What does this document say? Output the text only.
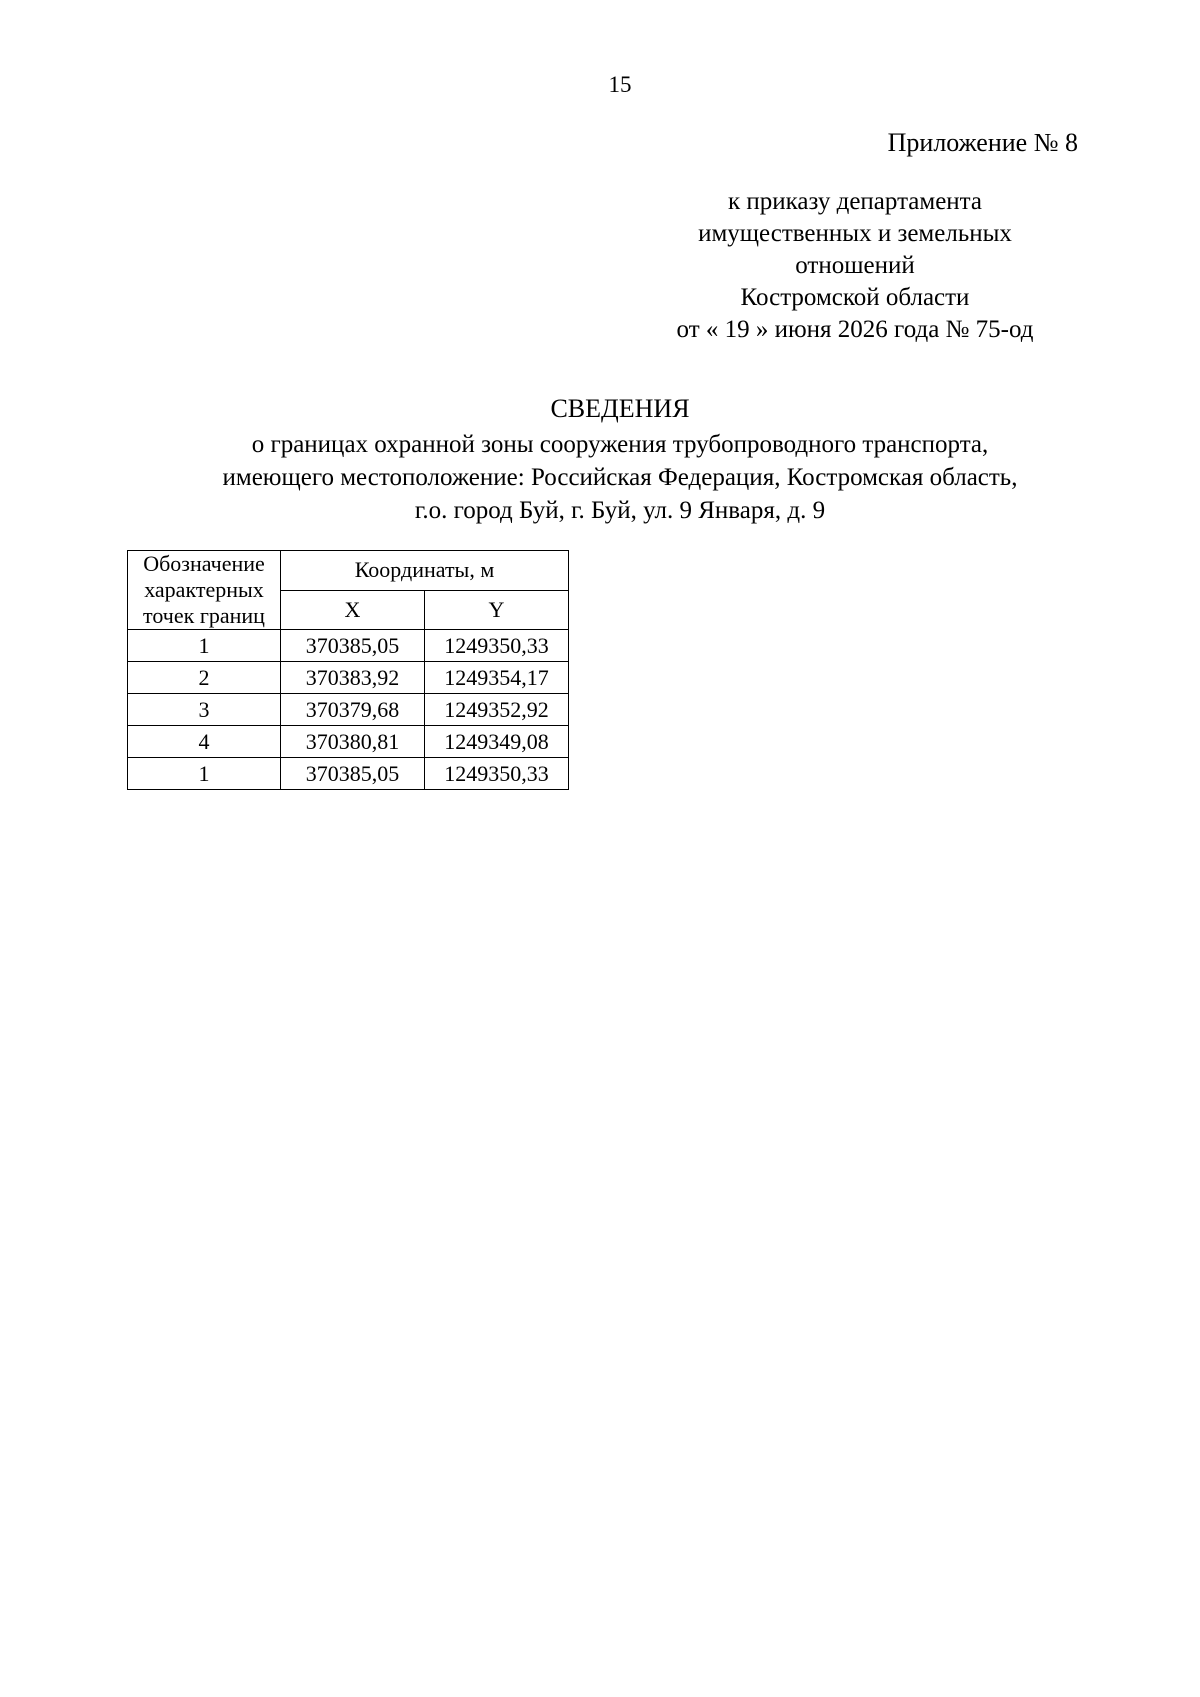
15
Приложение № 8
к приказу департамента
имущественных и земельных
отношений
Костромской области
от « 19 » июня 2026 года № 75-од
СВЕДЕНИЯ
о границах охранной зоны сооружения трубопроводного транспорта,
имеющего местоположение: Российская Федерация, Костромская область,
г.о. город Буй, г. Буй, ул. 9 Января, д. 9
Обозначение
характерных
точек границ	Координаты, м	
	X	Y
1	370385,05	1249350,33
2	370383,92	1249354,17
3	370379,68	1249352,92
4	370380,81	1249349,08
1	370385,05	1249350,33
